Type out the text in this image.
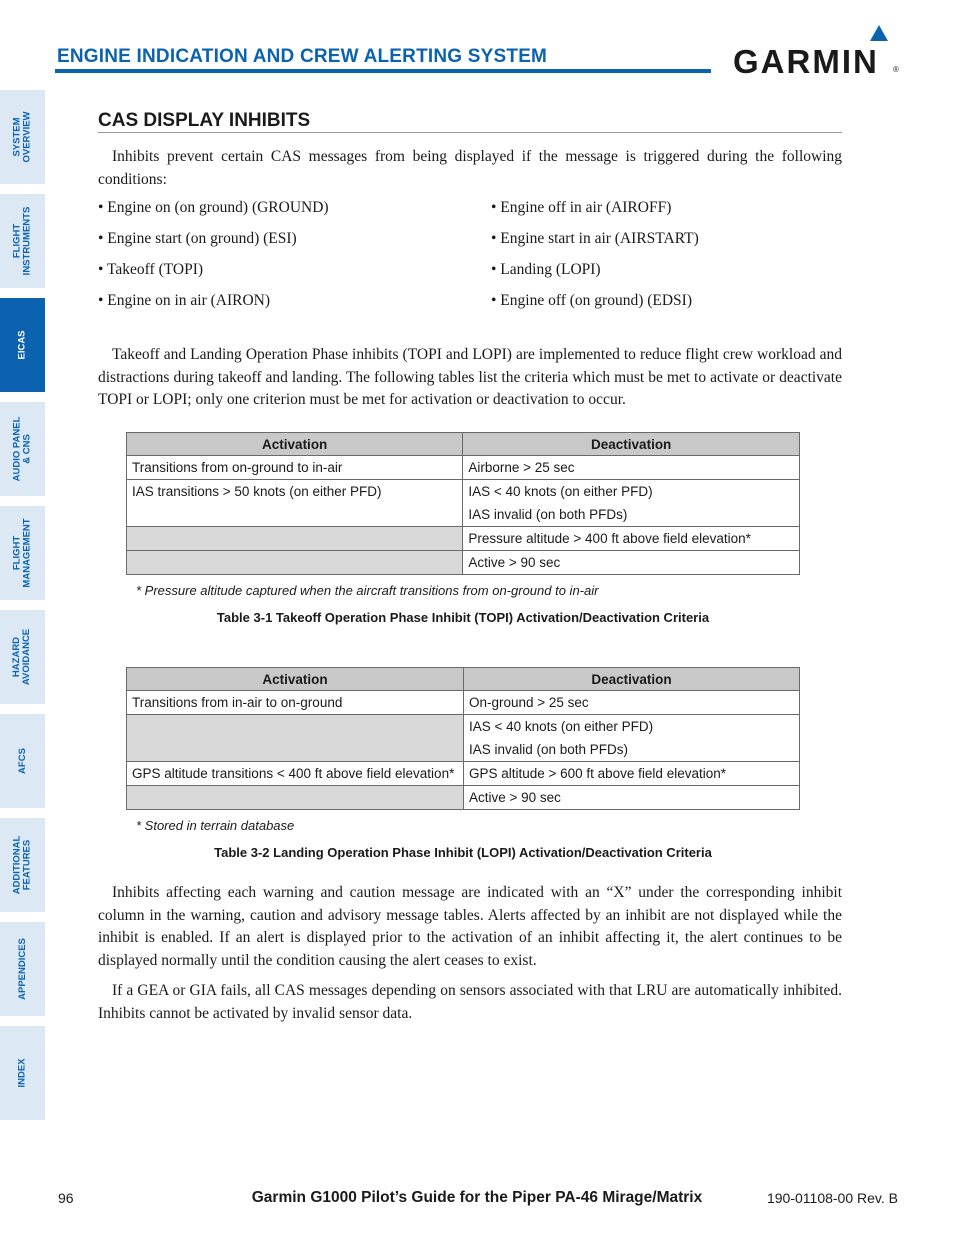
ENGINE INDICATION AND CREW ALERTING SYSTEM	GARMIN ®
SYSTEM
OVERVIEW
FLIGHT
INSTRUMENTS
EICAS
AUDIO PANEL
& CNS
FLIGHT
MANAGEMENT
HAZARD
AVOIDANCE
AFCS
ADDITIONAL
FEATURES
APPENDICES
INDEX
CAS DISPLAY INHIBITS

Inhibits prevent certain CAS messages from being displayed if the message is triggered during the following conditions:

• Engine on (on ground) (GROUND)
• Engine start (on ground) (ESI)
• Takeoff (TOPI)
• Engine on in air (AIRON)
• Engine off in air (AIROFF)
• Engine start in air (AIRSTART)
• Landing (LOPI)
• Engine off (on ground) (EDSI)

Takeoff and Landing Operation Phase inhibits (TOPI and LOPI) are implemented to reduce flight crew workload and distractions during takeoff and landing. The following tables list the criteria which must be met to activate or deactivate TOPI or LOPI; only one criterion must be met for activation or deactivation to occur.

Activation	Deactivation
Transitions from on-ground to in-air	Airborne > 25 sec

IAS transitions > 50 knots (on either PFD)	IAS < 40 knots (on either PFD)
IAS invalid (on both PFDs)

	Pressure altitude > 400 ft above field elevation*
	Active > 90 sec
* Pressure altitude captured when the aircraft transitions from on-ground to in-air
Table 3-1 Takeoff Operation Phase Inhibit (TOPI) Activation/Deactivation Criteria
Activation	Deactivation
Transitions from in-air to on-ground	On-ground > 25 sec

	IAS < 40 knots (on either PFD)
IAS invalid (on both PFDs)

GPS altitude transitions < 400 ft above field elevation*	GPS altitude > 600 ft above field elevation*
	Active > 90 sec
* Stored in terrain database
Table 3-2 Landing Operation Phase Inhibit (LOPI) Activation/Deactivation Criteria

Inhibits affecting each warning and caution message are indicated with an “X” under the corresponding inhibit column in the warning, caution and advisory message tables. Alerts affected by an inhibit are not displayed while the inhibit is enabled. If an alert is displayed prior to the activation of an inhibit affecting it, the alert continues to be displayed normally until the condition causing the alert ceases to exist.

If a GEA or GIA fails, all CAS messages depending on sensors associated with that LRU are automatically inhibited. Inhibits cannot be activated by invalid sensor data.

Garmin G1000 Pilot’s Guide for the Piper PA-46 Mirage/Matrix
96	190-01108-00 Rev. B
